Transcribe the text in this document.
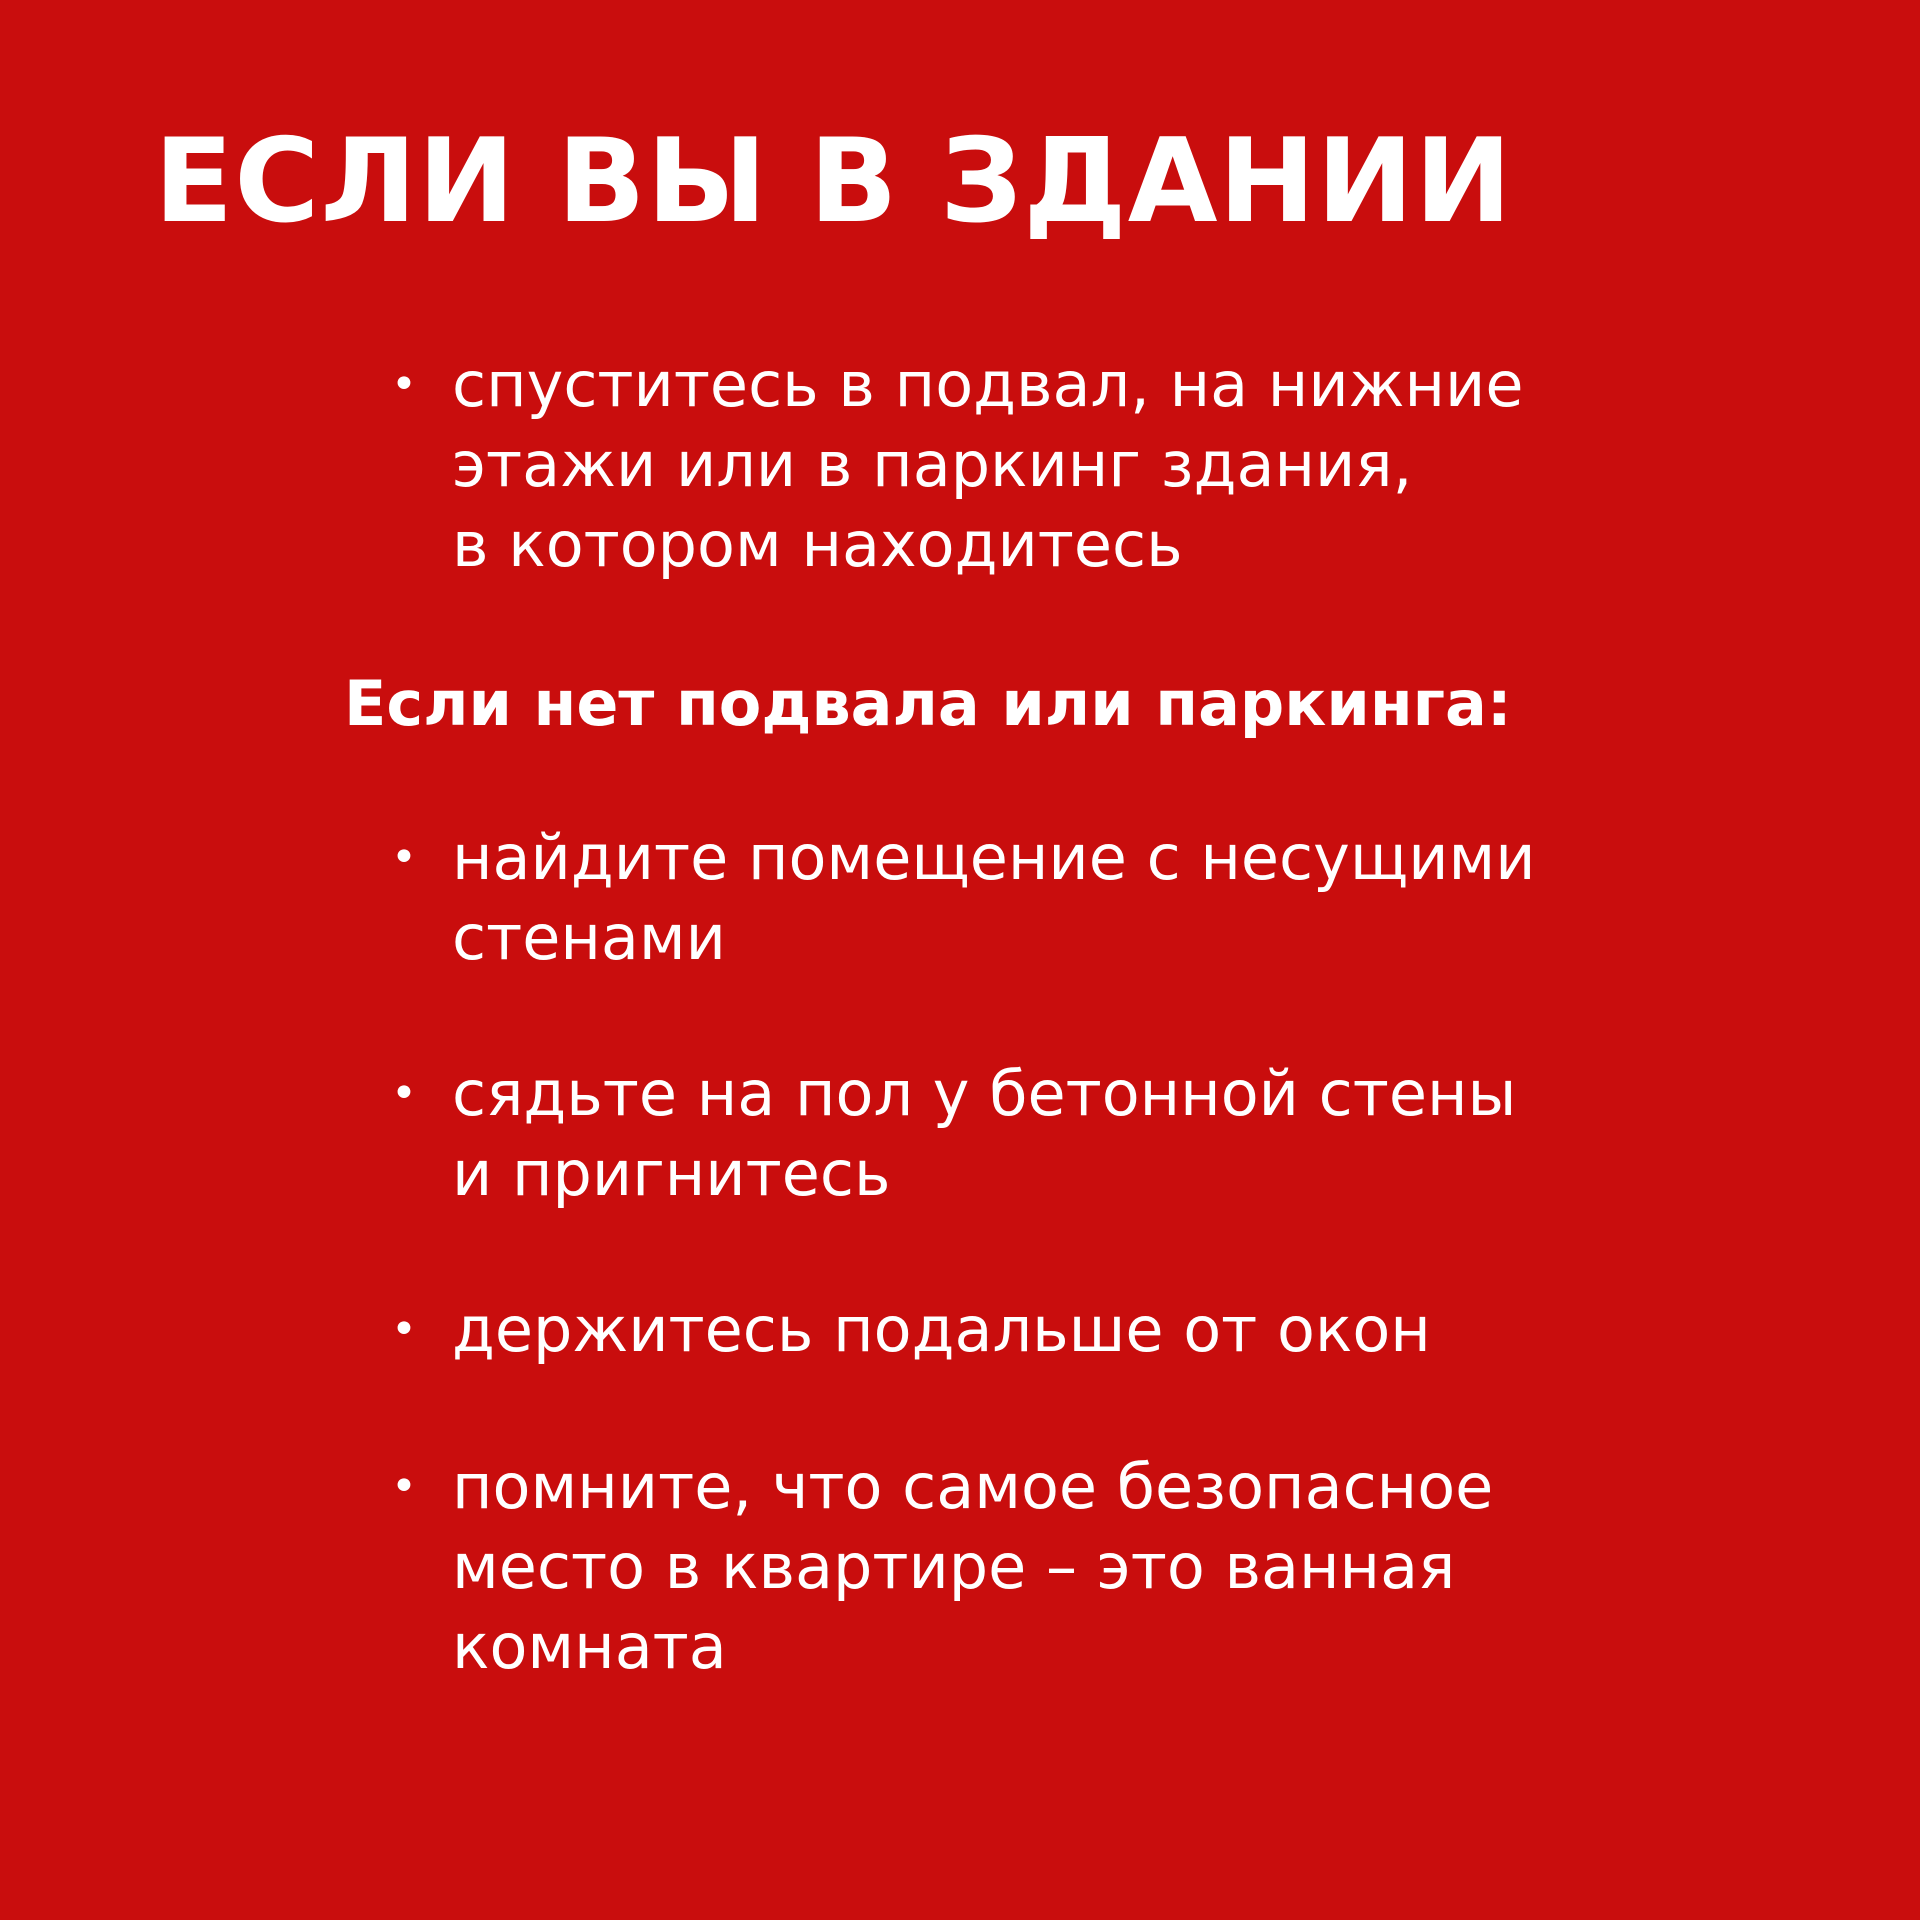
ЕСЛИ ВЫ В ЗДАНИИ
• спуститесь в подвал, на нижние
этажи или в паркинг здания,
в котором находитесь
Если нет подвала или паркинга:
• найдите помещение с несущими
стенами
• сядьте на пол у бетонной стены
и пригнитесь
• держитесь подальше от окон
• помните, что самое безопасное
место в квартире – это ванная
комната
